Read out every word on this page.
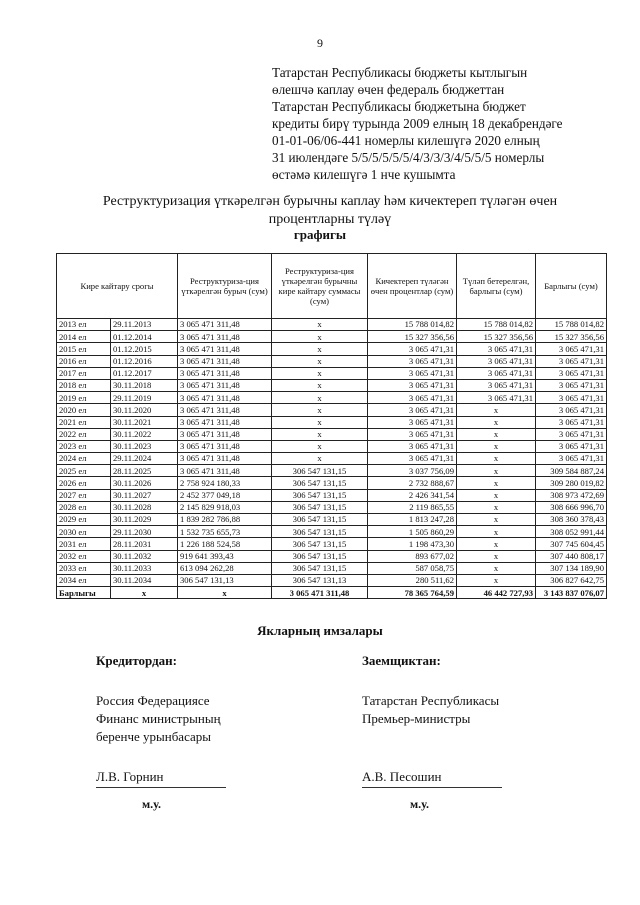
9
Татарстан Республикасы бюджеты кытлыгын
өлешчә каплау өчен федераль бюджеттан
Татарстан Республикасы бюджетына бюджет
кредиты бирү турында 2009 елның 18 декабрендәге
01-01-06/06-441 номерлы килешүгә 2020 елның
31 июлендәге 5/5/5/5/5/5/4/3/3/3/4/5/5/5 номерлы
өстәмә килешүгә 1 нче кушымта
Реструктуризация үткәрелгән бурычны каплау һәм кичектереп түләгән өчен
процентларны түләү
графигы
Кире кайтару срогы		Реструктуриза-ция үткәрелгән бурыч (сум)	Реструктуриза-ция үткәрелгән бурычны кире кайтару суммасы (сум)	Кичектереп түләгән өчен процентлар (сум)	Түләп бетерелгән, барлыгы (сум)	Барлыгы (сум)
2013 ел	29.11.2013	3 065 471 311,48	x	15 788 014,82	15 788 014,82	15 788 014,82
2014 ел	01.12.2014	3 065 471 311,48	x	15 327 356,56	15 327 356,56	15 327 356,56
2015 ел	01.12.2015	3 065 471 311,48	x	3 065 471,31	3 065 471,31	3 065 471,31
2016 ел	01.12.2016	3 065 471 311,48	x	3 065 471,31	3 065 471,31	3 065 471,31
2017 ел	01.12.2017	3 065 471 311,48	x	3 065 471,31	3 065 471,31	3 065 471,31
2018 ел	30.11.2018	3 065 471 311,48	x	3 065 471,31	3 065 471,31	3 065 471,31
2019 ел	29.11.2019	3 065 471 311,48	x	3 065 471,31	3 065 471,31	3 065 471,31
2020 ел	30.11.2020	3 065 471 311,48	x	3 065 471,31	x	3 065 471,31
2021 ел	30.11.2021	3 065 471 311,48	x	3 065 471,31	x	3 065 471,31
2022 ел	30.11.2022	3 065 471 311,48	x	3 065 471,31	x	3 065 471,31
2023 ел	30.11.2023	3 065 471 311,48	x	3 065 471,31	x	3 065 471,31
2024 ел	29.11.2024	3 065 471 311,48	x	3 065 471,31	x	3 065 471,31
2025 ел	28.11.2025	3 065 471 311,48	306 547 131,15	3 037 756,09	x	309 584 887,24
2026 ел	30.11.2026	2 758 924 180,33	306 547 131,15	2 732 888,67	x	309 280 019,82
2027 ел	30.11.2027	2 452 377 049,18	306 547 131,15	2 426 341,54	x	308 973 472,69
2028 ел	30.11.2028	2 145 829 918,03	306 547 131,15	2 119 865,55	x	308 666 996,70
2029 ел	30.11.2029	1 839 282 786,88	306 547 131,15	1 813 247,28	x	308 360 378,43
2030 ел	29.11.2030	1 532 735 655,73	306 547 131,15	1 505 860,29	x	308 052 991,44
2031 ел	28.11.2031	1 226 188 524,58	306 547 131,15	1 198 473,30	x	307 745 604,45
2032 ел	30.11.2032	919 641 393,43	306 547 131,15	893 677,02	x	307 440 808,17
2033 ел	30.11.2033	613 094 262,28	306 547 131,15	587 058,75	x	307 134 189,90
2034 ел	30.11.2034	306 547 131,13	306 547 131,13	280 511,62	x	306 827 642,75
Барлыгы	x	x	3 065 471 311,48	78 365 764,59	46 442 727,93	3 143 837 076,07
Якларның имзалары
Кредитордан:
Россия Федерациясе
Финанс министрының
беренче урынбасары
Л.В. Горнин
м.у.
Заемщиктан:
Татарстан Республикасы
Премьер-министры
А.В. Песошин
м.у.
